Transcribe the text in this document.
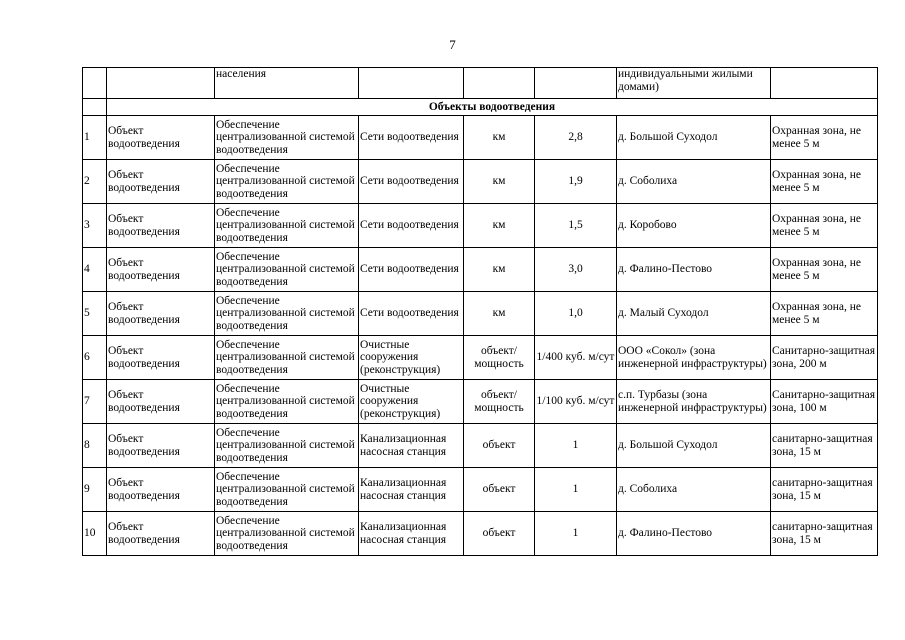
7
		населения				индивидуальными жилыми домами)	
	Объекты водоотведения						
1	Объект водоотведения	Обеспечение централизованной системой водоотведения	Сети водоотведения	км	2,8	д. Большой Суходол	Охранная зона, не менее 5 м
2	Объект водоотведения	Обеспечение централизованной системой водоотведения	Сети водоотведения	км	1,9	д. Соболиха	Охранная зона, не менее 5 м
3	Объект водоотведения	Обеспечение централизованной системой водоотведения	Сети водоотведения	км	1,5	д. Коробово	Охранная зона, не менее 5 м
4	Объект водоотведения	Обеспечение централизованной системой водоотведения	Сети водоотведения	км	3,0	д. Фалино-Пестово	Охранная зона, не менее 5 м
5	Объект водоотведения	Обеспечение централизованной системой водоотведения	Сети водоотведения	км	1,0	д. Малый Суходол	Охранная зона, не менее 5 м
6	Объект водоотведения	Обеспечение централизованной системой водоотведения	Очистные сооружения (реконструкция)	объект/ мощность	1/400 куб. м/сут	ООО «Сокол» (зона инженерной инфраструктуры)	Санитарно-защитная зона, 200 м
7	Объект водоотведения	Обеспечение централизованной системой водоотведения	Очистные сооружения (реконструкция)	объект/ мощность	1/100 куб. м/сут	с.п. Турбазы (зона инженерной инфраструктуры)	Санитарно-защитная зона, 100 м
8	Объект водоотведения	Обеспечение централизованной системой водоотведения	Канализационная насосная станция	объект	1	д. Большой Суходол	санитарно-защитная зона, 15 м
9	Объект водоотведения	Обеспечение централизованной системой водоотведения	Канализационная насосная станция	объект	1	д. Соболиха	санитарно-защитная зона, 15 м
10	Объект водоотведения	Обеспечение централизованной системой водоотведения	Канализационная насосная станция	объект	1	д. Фалино-Пестово	санитарно-защитная зона, 15 м
